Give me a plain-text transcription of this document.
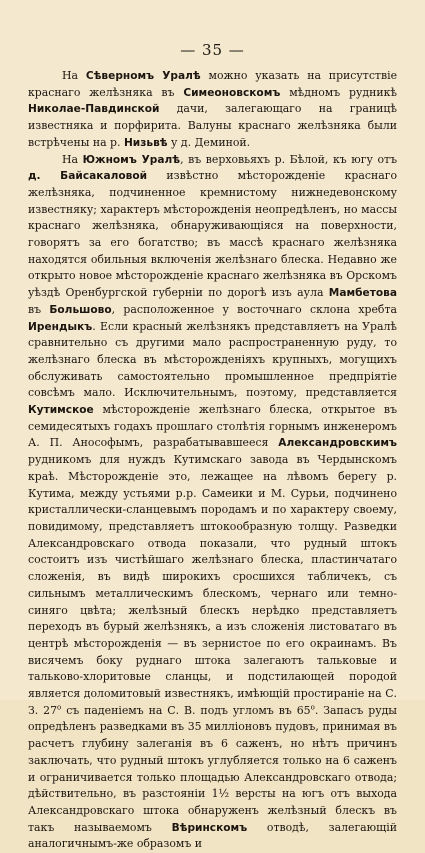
— 35 —

На Сѣверномъ Уралѣ можно указать на присутствіе краснаго желѣзняка въ Симеоновскомъ мѣдномъ рудникѣ Николае-Павдинской дачи, залегающаго на границѣ известняка и порфирита. Валуны краснаго желѣзняка были встрѣчены на р. Низьвѣ у д. Деминой.

На Южномъ Уралѣ, въ верховьяхъ р. Бѣлой, къ югу отъ д. Байсакаловой извѣстно мѣсторожденіе краснаго желѣзняка, подчиненное кремнистому нижнедевонскому известняку; характеръ мѣсторожденія неопредѣленъ, но массы краснаго желѣзняка, обнаруживающіяся на поверхности, говорятъ за его богатство; въ массѣ краснаго желѣзняка находятся обильныя включенія желѣзнаго блеска. Недавно же открыто новое мѣсторожденіе краснаго желѣзняка въ Орскомъ уѣздѣ Оренбургской губерніи по дорогѣ изъ аула Мамбетова въ Большово, расположенное у восточнаго склона хребта Ирендыкъ. Если красный желѣзнякъ представляетъ на Уралѣ сравнительно съ другими мало распространенную руду, то желѣзнаго блеска въ мѣсторожденіяхъ крупныхъ, могущихъ обслуживать самостоятельно промышленное предпріятіе совсѣмъ мало. Исключительнымъ, поэтому, представляется Кутимское мѣсторожденіе желѣзнаго блеска, открытое въ семидесятыхъ годахъ прошлаго столѣтія горнымъ инженеромъ А. П. Анософымъ, разрабатывавшееся Александровскимъ рудникомъ для нуждъ Кутимскаго завода въ Чердынскомъ краѣ. Мѣсторожденіе это, лежащее на лѣвомъ берегу р. Кутима, между устьями р.р. Самеики и М. Сурьи, подчинено кристаллически-сланцевымъ породамъ и по характеру своему, повидимому, представляетъ штокообразную толщу. Разведки Александровскаго отвода показали, что рудный штокъ состоитъ изъ чистѣйшаго желѣзнаго блеска, пластинчатаго сложенія, въ видѣ широкихъ сросшихся табличекъ, съ сильнымъ металлическимъ блескомъ, чернаго или темно-синяго цвѣта; желѣзный блескъ нерѣдко представляетъ переходъ въ бурый желѣзнякъ, а изъ сложенія листоватаго въ центрѣ мѣсторожденія — въ зернистое по его окраинамъ. Въ висячемъ боку руднаго штока залегаютъ тальковые и тальково-хлоритовые сланцы, и подстилающей породой является доломитовый известнякъ, имѣющій простираніе на С. З. 27$^o$ съ паденіемъ на С. В. подъ угломъ въ 65$^o$. Запасъ руды опредѣленъ разведками въ 35 милліоновъ пудовъ, принимая въ расчетъ глубину залеганія въ 6 саженъ, но нѣтъ причинъ заключать, что рудный штокъ углубляется только на 6 саженъ и ограничивается только площадью Александровскаго отвода; дѣйствительно, въ разстояніи 1½ версты на югъ отъ выхода Александровскаго штока обнаруженъ желѣзный блескъ въ такъ называемомъ Вѣринскомъ отводѣ, залегающій аналогичнымъ-же образомъ и
